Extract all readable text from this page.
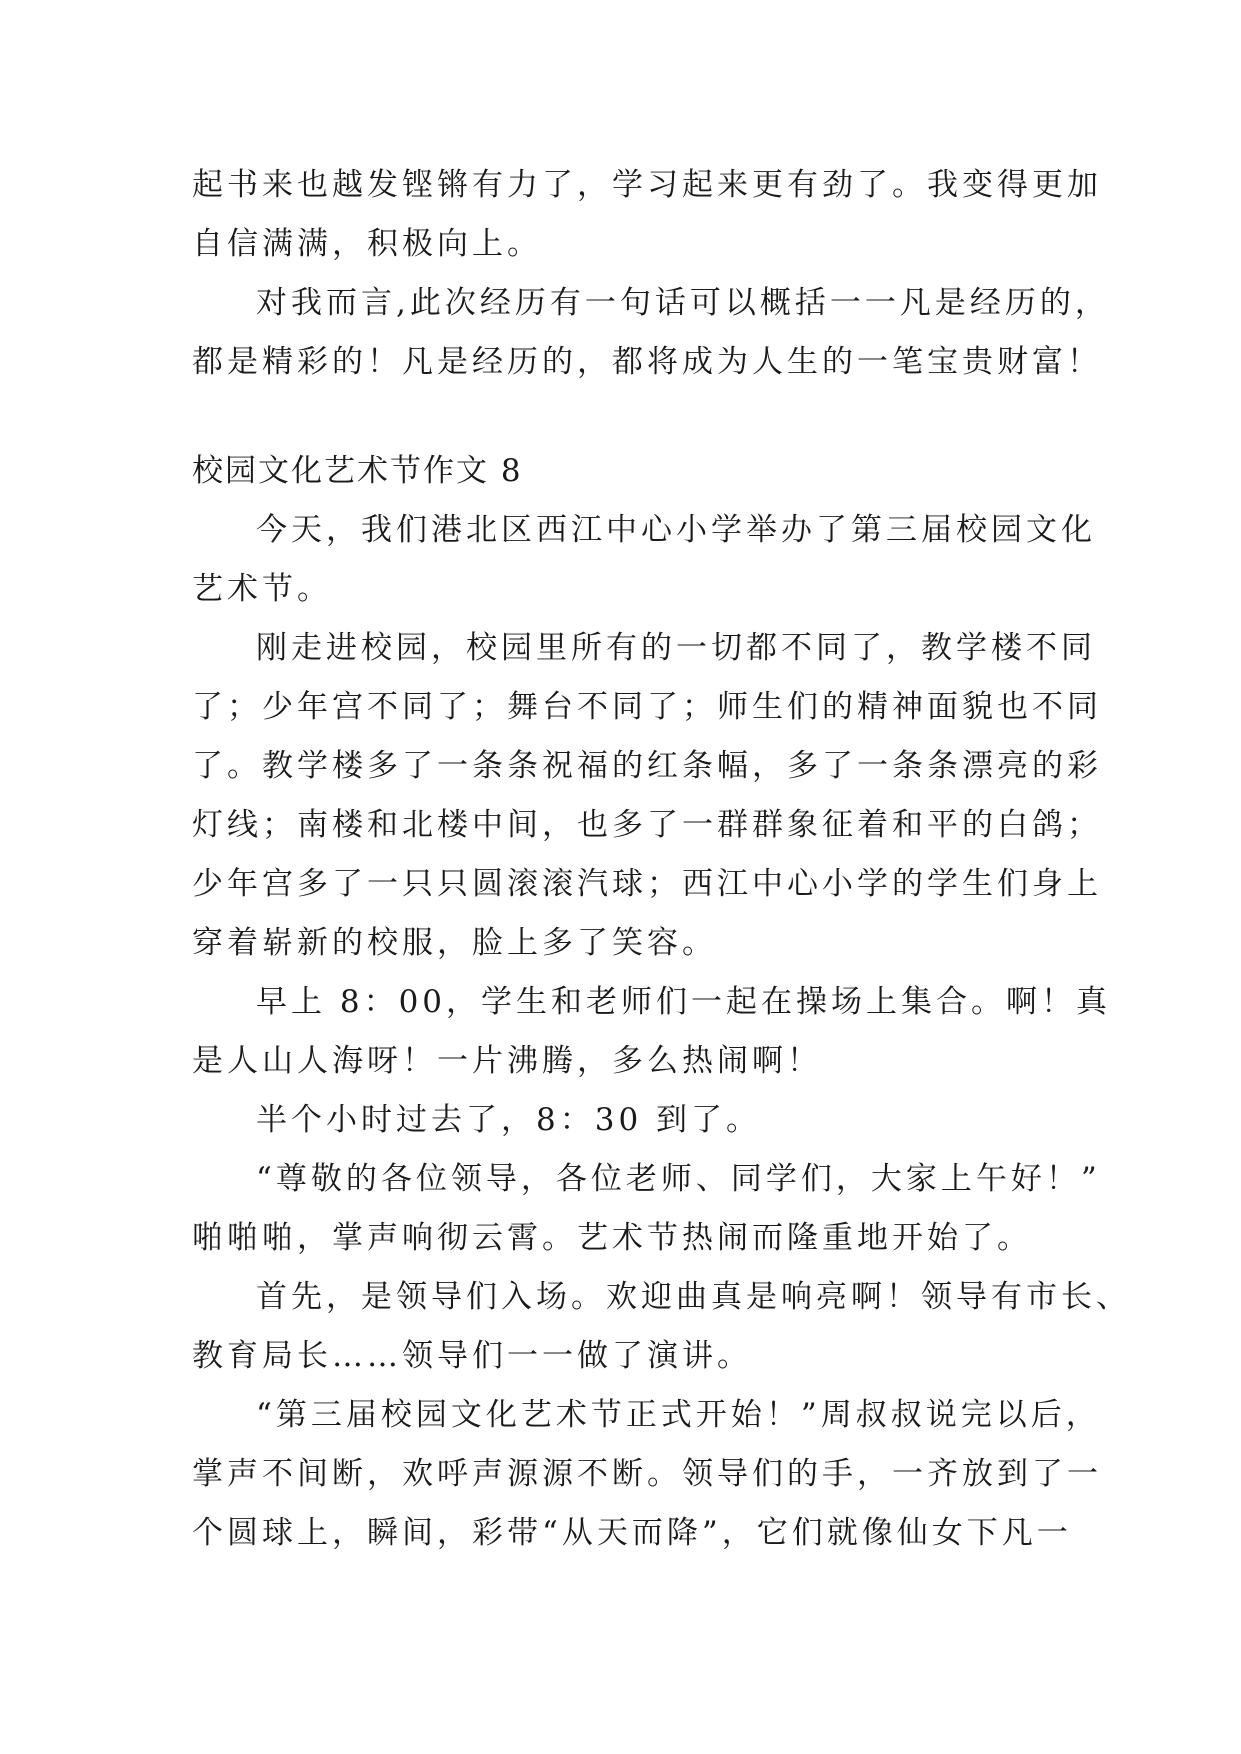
起书来也越发铿锵有力了，学习起来更有劲了。我变得更加
自信满满，积极向上。
对我而言,此次经历有一句话可以概括一一凡是经历的，
都是精彩的！凡是经历的，都将成为人生的一笔宝贵财富！
校园文化艺术节作文 8
今天，我们港北区西江中心小学举办了第三届校园文化
艺术节。
刚走进校园，校园里所有的一切都不同了，教学楼不同
了；少年宫不同了；舞台不同了；师生们的精神面貌也不同
了。教学楼多了一条条祝福的红条幅，多了一条条漂亮的彩
灯线；南楼和北楼中间，也多了一群群象征着和平的白鸽；
少年宫多了一只只圆滚滚汽球；西江中心小学的学生们身上
穿着崭新的校服，脸上多了笑容。
早上 8：00，学生和老师们一起在操场上集合。啊！真
是人山人海呀！一片沸腾，多么热闹啊！
半个小时过去了，8：30 到了。
“尊敬的各位领导，各位老师、同学们，大家上午好！”
啪啪啪，掌声响彻云霄。艺术节热闹而隆重地开始了。
首先，是领导们入场。欢迎曲真是响亮啊！领导有市长、
教育局长……领导们一一做了演讲。
“第三届校园文化艺术节正式开始！”周叔叔说完以后，
掌声不间断，欢呼声源源不断。领导们的手，一齐放到了一
个圆球上，瞬间，彩带“从天而降”，它们就像仙女下凡一
